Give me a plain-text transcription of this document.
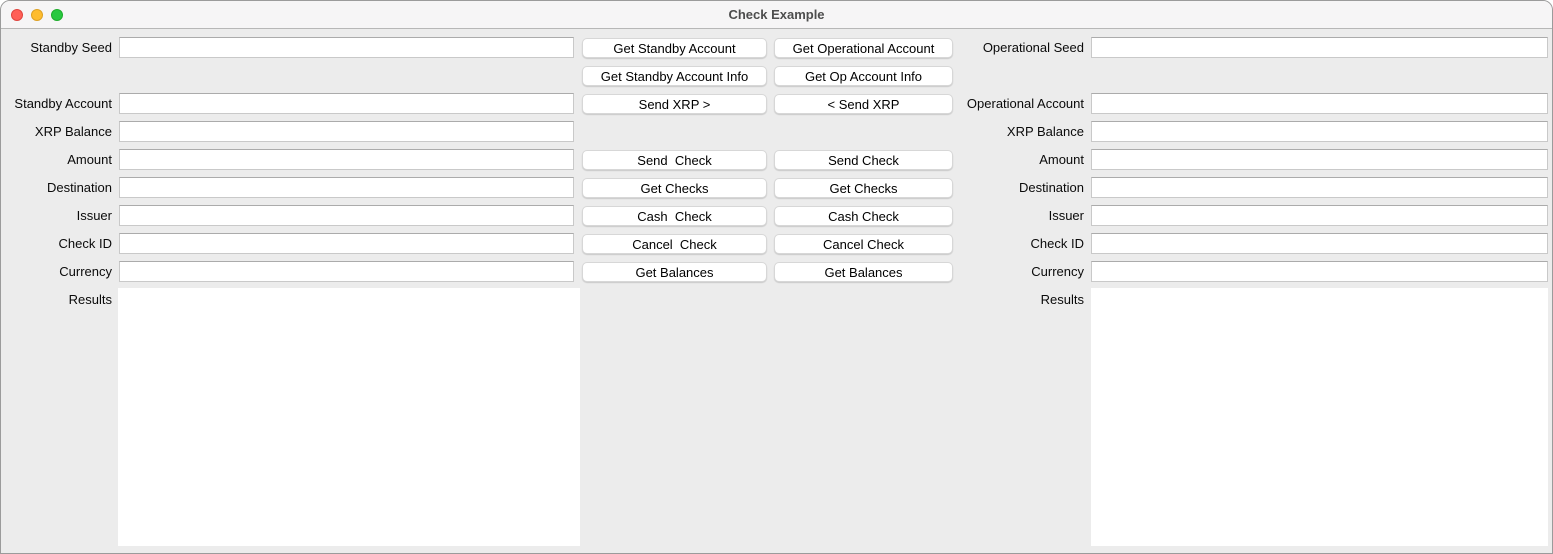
Check Example
Standby Seed
Standby Account
XRP Balance
Amount
Destination
Issuer
Check ID
Currency
Results
Get Standby Account
Get Standby Account Info
Send XRP >
Send  Check
Get Checks
Cash  Check
Cancel  Check
Get Balances
Get Operational Account
Get Op Account Info
< Send XRP
Send Check
Get Checks
Cash Check
Cancel Check
Get Balances
Operational Seed
Operational Account
XRP Balance
Amount
Destination
Issuer
Check ID
Currency
Results
